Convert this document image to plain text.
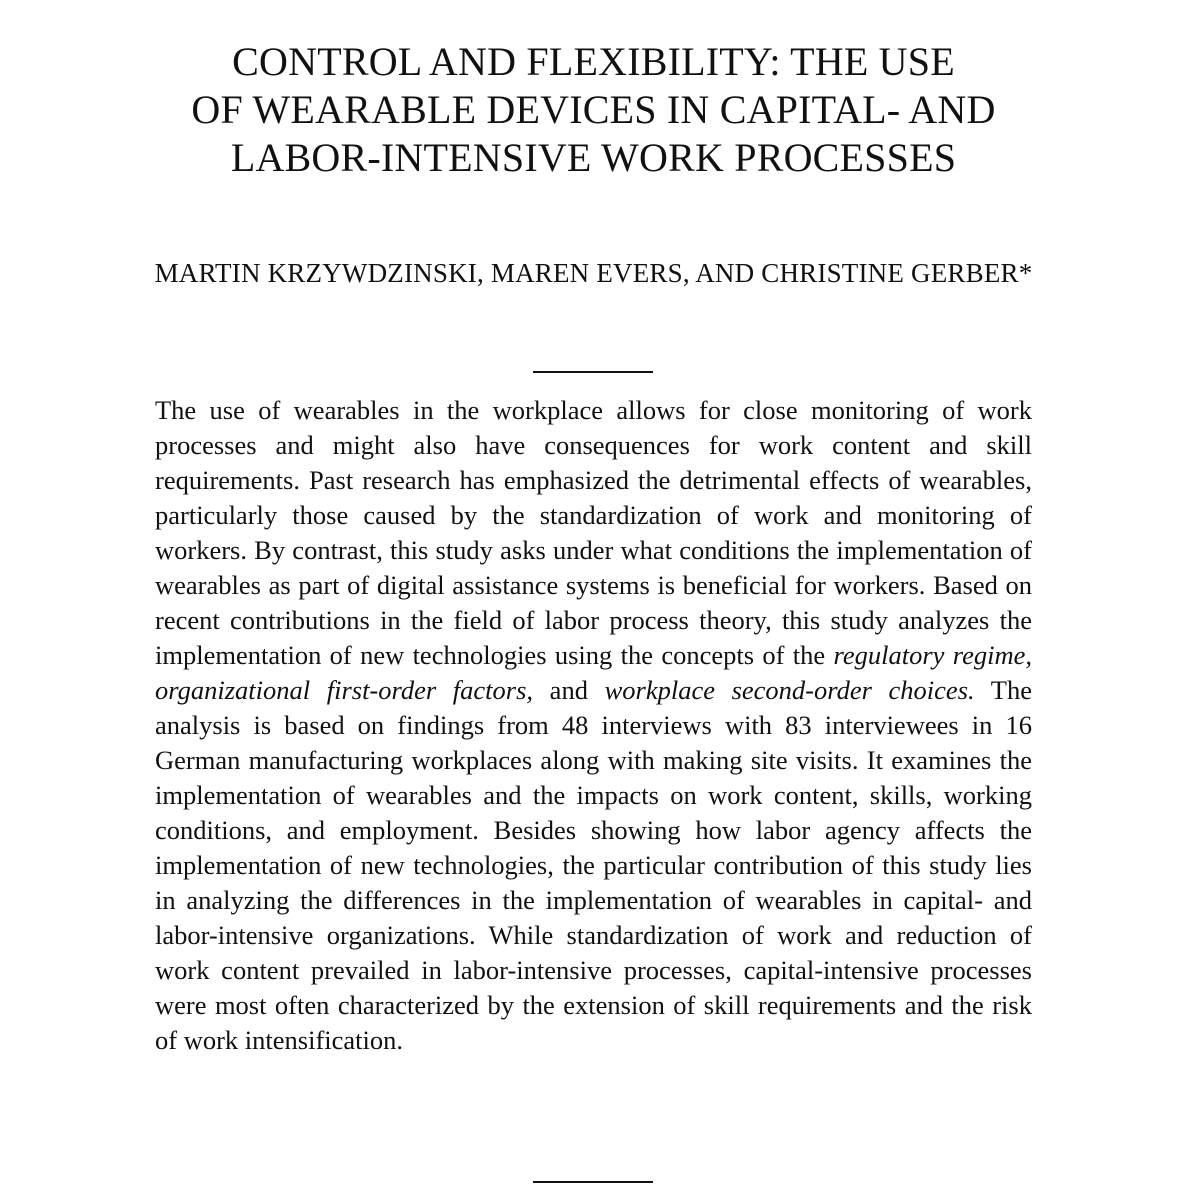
CONTROL AND FLEXIBILITY: THE USE
OF WEARABLE DEVICES IN CAPITAL- AND
LABOR-INTENSIVE WORK PROCESSES

MARTIN KRZYWDZINSKI, MAREN EVERS, AND CHRISTINE GERBER*

The use of wearables in the workplace allows for close monitoring of work processes and might also have consequences for work content and skill requirements. Past research has emphasized the detrimental effects of wearables, particularly those caused by the standardization of work and monitoring of workers. By contrast, this study asks under what conditions the implementation of wearables as part of digital assistance systems is beneficial for workers. Based on recent contributions in the field of labor process theory, this study analyzes the implementation of new technologies using the concepts of the regulatory regime, organizational first-order factors, and workplace second-order choices. The analysis is based on findings from 48 interviews with 83 interviewees in 16 German manufacturing workplaces along with making site visits. It examines the implementation of wearables and the impacts on work content, skills, working conditions, and employment. Besides showing how labor agency affects the implementation of new technologies, the particular contribution of this study lies in analyzing the differences in the implementation of wearables in capital- and labor-intensive organizations. While standardization of work and reduction of work content prevailed in labor-intensive processes, capital-intensive processes were most often characterized by the extension of skill requirements and the risk of work intensification.
